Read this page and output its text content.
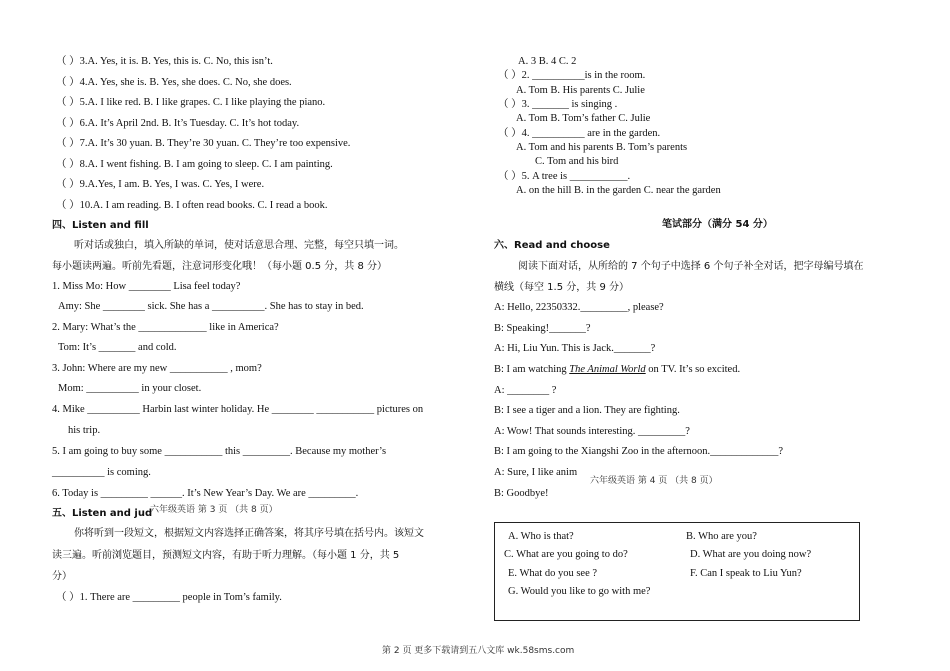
（ ）3.A. Yes, it is. B. Yes, this is. C. No, this isn’t.
（ ）4.A. Yes, she is. B. Yes, she does. C. No, she does.
（ ）5.A. I like red. B. I like grapes. C. I like playing the piano.
（ ）6.A. It’s April 2nd. B. It’s Tuesday. C. It’s hot today.
（ ）7.A. It’s 30 yuan. B. They’re 30 yuan. C. They’re too expensive.
（ ）8.A. I went fishing. B. I am going to sleep. C. I am painting.
（ ）9.A.Yes, I am. B. Yes, I was. C. Yes, I were.
（ ）10.A. I am reading. B. I often read books. C. I read a book.
四、Listen and fill
听对话或独白，填入所缺的单词，使对话意思合理、完整，每空只填一词。
每小题读两遍。听前先看题，注意词形变化哦！（每小题 0.5 分，共 8 分）
1. Miss Mo: How ________ Lisa feel today?
Amy: She ________ sick. She has a __________. She has to stay in bed.
2. Mary: What’s the _____________ like in America?
Tom: It’s _______ and cold.
3. John: Where are my new ___________ , mom?
Mom: __________ in your closet.
4. Mike __________ Harbin last winter holiday. He ________ ___________ pictures on
his trip.
5. I am going to buy some ___________ this _________. Because my mother’s
__________ is coming.
6. Today is _________ ______. It’s New Year’s Day. We are _________.
五、Listen and jud
六年级英语 第 3 页 （共 8 页）
你将听到一段短文，根据短文内容选择正确答案，将其序号填在括号内。该短文
读三遍。听前浏览题目，预测短文内容，有助于听力理解。（每小题 1 分，共 5
分）
（ ）1. There are _________ people in Tom’s family.
A. 3 B. 4 C. 2
（ ）2. __________is in the room.
A. Tom B. His parents C. Julie
（ ）3. _______ is singing .
A. Tom B. Tom’s father C. Julie
（ ）4. __________ are in the garden.
A. Tom and his parents B. Tom’s parents
C. Tom and his bird
（ ）5. A tree is ___________.
A. on the hill B. in the garden C. near the garden
笔试部分（满分 54 分）
六、Read and choose
阅读下面对话，从所给的 7 个句子中选择 6 个句子补全对话，把字母编号填在
横线（每空 1.5 分，共 9 分）
A: Hello, 22350332._________, please?
B: Speaking!_______?
A: Hi, Liu Yun. This is Jack._______?
B: I am watching The Animal World on TV. It’s so excited.
A: ________ ?
B: I see a tiger and a lion. They are fighting.
A: Wow! That sounds interesting. _________?
B: I am going to the Xiangshi Zoo in the afternoon._____________?
A: Sure, I like anim
六年级英语 第 4 页 （共 8 页）
B: Goodbye!
A. Who is that?	B. Who are you?
C. What are you going to do?	D. What are you doing now?
E. What do you see ?	F. Can I speak to Liu Yun?
G. Would you like to go with me?
第 2 页 更多下载请到五八文库 wk.58sms.com
